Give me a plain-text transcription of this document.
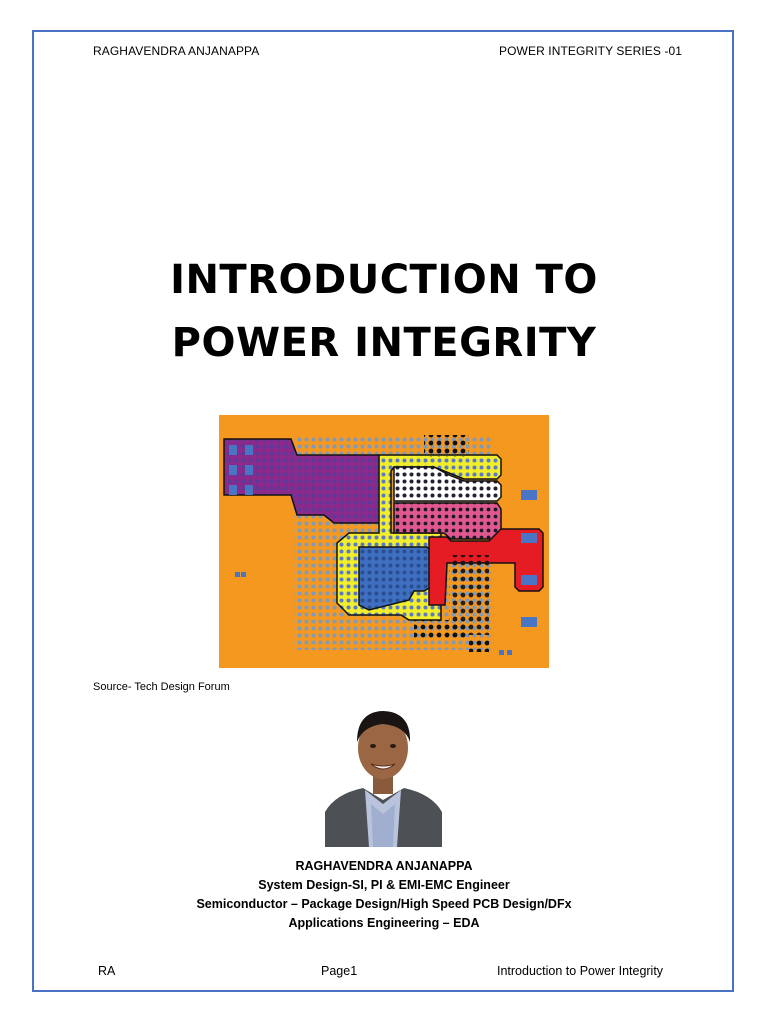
RAGHAVENDRA ANJANAPPA	POWER INTEGRITY SERIES -01
INTRODUCTION TO
POWER INTEGRITY
Source- Tech Design Forum
RAGHAVENDRA ANJANAPPA
System Design-SI, PI & EMI-EMC Engineer
Semiconductor – Package Design/High Speed PCB Design/DFx
Applications Engineering – EDA
RA	Page1	Introduction to Power Integrity
